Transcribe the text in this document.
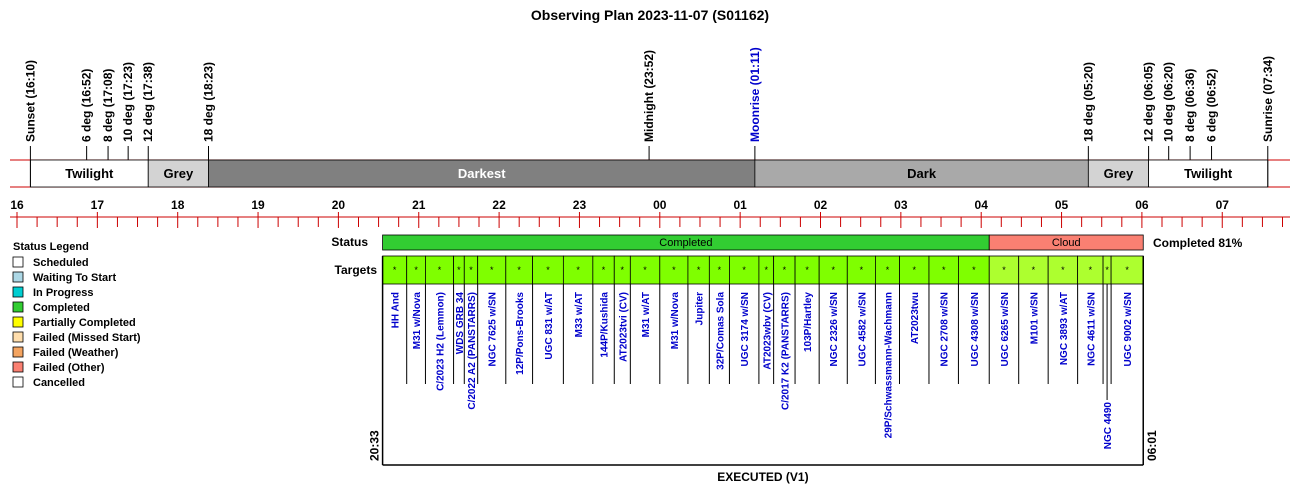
Observing Plan 2023-11-07 (S01162)
Sunset (16:10)	6 deg (16:52) 8 deg (17:08) 10 deg (17:23) 12 deg (17:38)	18 deg (18:23)	Midnight (23:52)	Moonrise (01:11)	18 deg (05:20)	12 deg (06:05) 10 deg (06:20) 8 deg (06:36) 6 deg (06:52)	Sunrise (07:34)
Twilight	Grey	Darkest	Dark	Grey	Twilight
16	17	18	19	20	21	22	23	00	01	02	03	04	05	06	07
Status Legend
Scheduled
Waiting To Start
In Progress
Completed
Partially Completed
Failed (Missed Start)
Failed (Weather)
Failed (Other)
Cancelled
Status
Targets
Completed	Cloud	Completed 81%
*
HH And
*
M31 w/Nova
*
C/2023 H2 (Lemmon)
*
WDS GRB 34
*
C/2022 A2 (PANSTARRS)
*
NGC 7625 w/SN
*
12P/Pons-Brooks
*
UGC 831 w/AT
*
M33 w/AT
*
144P/Kushida
*
AT2023tvi (CV)
*
M31 w/AT
*
M31 w/Nova
*
Jupiter
*
32P/Comas Sola
*
UGC 3174 w/SN
*
AT2023wbv (CV)
*
C/2017 K2 (PANSTARRS)
*
103P/Hartley
*
NGC 2326 w/SN
*
UGC 4582 w/SN
*
29P/Schwassmann-Wachmann
*
AT2023twu
*
NGC 2708 w/SN
*
UGC 4308 w/SN
*
UGC 6265 w/SN
*
M101 w/SN
*
NGC 3893 w/AT
*
NGC 4611 w/SN
*
NGC 4490
*
UGC 9002 w/SN
20:33	06:01
EXECUTED (V1)
